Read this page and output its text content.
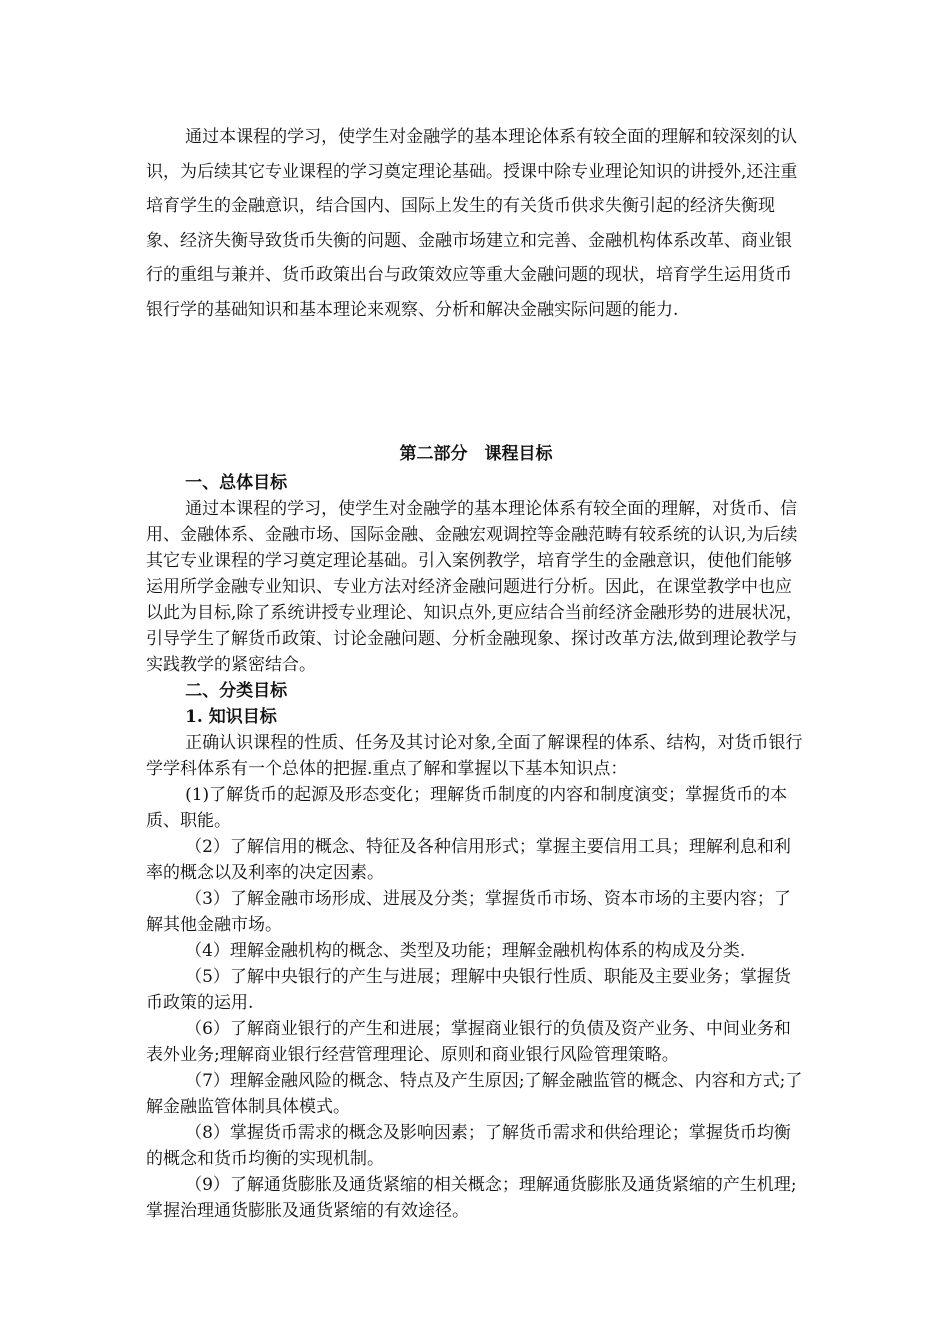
通过本课程的学习，使学生对金融学的基本理论体系有较全面的理解和较深刻的认识，为后续其它专业课程的学习奠定理论基础。授课中除专业理论知识的讲授外,还注重培育学生的金融意识，结合国内、国际上发生的有关货币供求失衡引起的经济失衡现象、经济失衡导致货币失衡的问题、金融市场建立和完善、金融机构体系改革、商业银行的重组与兼并、货币政策出台与政策效应等重大金融问题的现状，培育学生运用货币银行学的基础知识和基本理论来观察、分析和解决金融实际问题的能力.

第二部分　课程目标

一、总体目标

通过本课程的学习，使学生对金融学的基本理论体系有较全面的理解，对货币、信用、金融体系、金融市场、国际金融、金融宏观调控等金融范畴有较系统的认识,为后续其它专业课程的学习奠定理论基础。引入案例教学，培育学生的金融意识，使他们能够运用所学金融专业知识、专业方法对经济金融问题进行分析。因此，在课堂教学中也应以此为目标,除了系统讲授专业理论、知识点外,更应结合当前经济金融形势的进展状况，引导学生了解货币政策、讨论金融问题、分析金融现象、探讨改革方法,做到理论教学与实践教学的紧密结合。

二、分类目标

1. 知识目标

正确认识课程的性质、任务及其讨论对象,全面了解课程的体系、结构，对货币银行学学科体系有一个总体的把握.重点了解和掌握以下基本知识点：

(1)了解货币的起源及形态变化；理解货币制度的内容和制度演变；掌握货币的本质、职能。

（2）了解信用的概念、特征及各种信用形式；掌握主要信用工具；理解利息和利率的概念以及利率的决定因素。

（3）了解金融市场形成、进展及分类；掌握货币市场、资本市场的主要内容；了解其他金融市场。

（4）理解金融机构的概念、类型及功能；理解金融机构体系的构成及分类.

（5）了解中央银行的产生与进展；理解中央银行性质、职能及主要业务；掌握货币政策的运用.

（6）了解商业银行的产生和进展；掌握商业银行的负债及资产业务、中间业务和表外业务;理解商业银行经营管理理论、原则和商业银行风险管理策略。

（7）理解金融风险的概念、特点及产生原因;了解金融监管的概念、内容和方式;了解金融监管体制具体模式。

（8）掌握货币需求的概念及影响因素；了解货币需求和供给理论；掌握货币均衡的概念和货币均衡的实现机制。

（9）了解通货膨胀及通货紧缩的相关概念；理解通货膨胀及通货紧缩的产生机理;掌握治理通货膨胀及通货紧缩的有效途径。
